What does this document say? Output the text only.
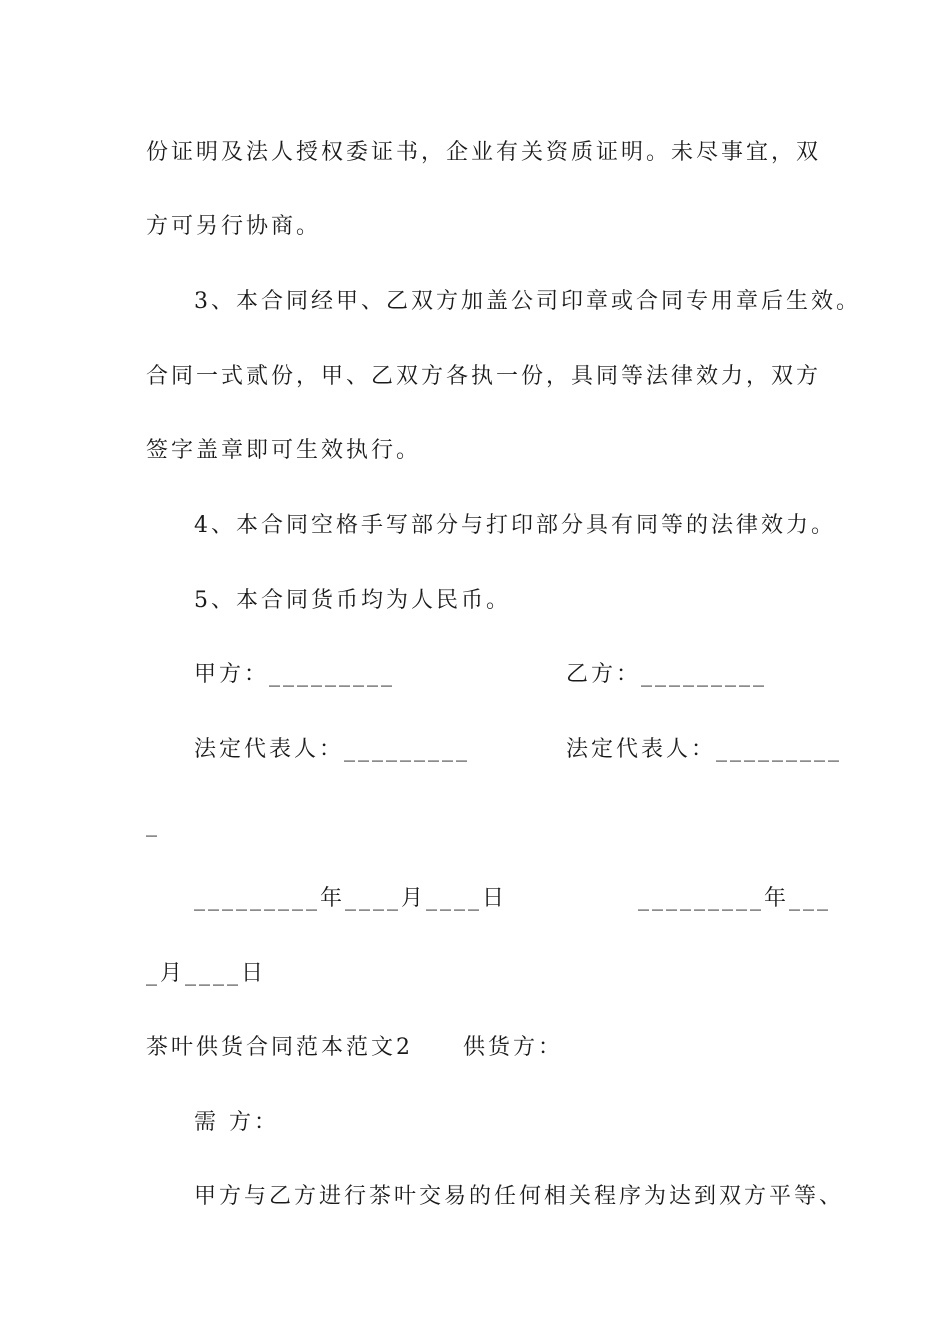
份证明及法人授权委证书，企业有关资质证明。未尽事宜，双
方可另行协商。
3、本合同经甲、乙双方加盖公司印章或合同专用章后生效。
合同一式贰份，甲、乙双方各执一份，具同等法律效力，双方
签字盖章即可生效执行。
4、本合同空格手写部分与打印部分具有同等的法律效力。
5、本合同货币均为人民币。
甲方：_________	乙方：_________
法定代表人：_________	法定代表人：_________
_
_________年____月____日	_________年___
_月____日
茶叶供货合同范本范文2　　供货方：
需 方：
甲方与乙方进行茶叶交易的任何相关程序为达到双方平等、
